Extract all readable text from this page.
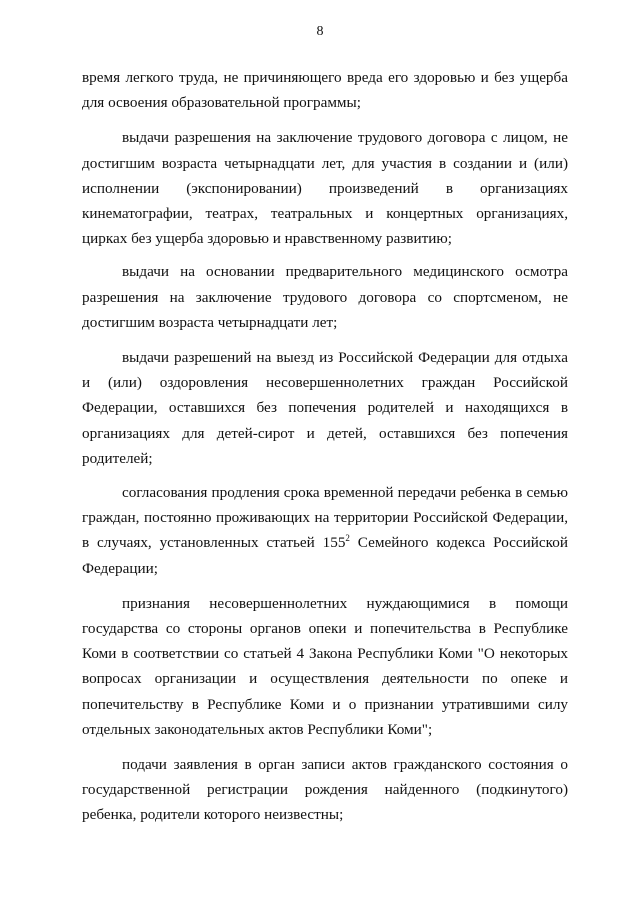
8

время легкого труда, не причиняющего вреда его здоровью и без ущерба для освоения образовательной программы;

выдачи разрешения на заключение трудового договора с лицом, не достигшим возраста четырнадцати лет, для участия в создании и (или) исполнении (экспонировании) произведений в организациях кинематографии, театрах, театральных и концертных организациях, цирках без ущерба здоровью и нравственному развитию;

выдачи на основании предварительного медицинского осмотра разрешения на заключение трудового договора со спортсменом, не достигшим возраста четырнадцати лет;

выдачи разрешений на выезд из Российской Федерации для отдыха и (или) оздоровления несовершеннолетних граждан Российской Федерации, оставшихся без попечения родителей и находящихся в организациях для детей-сирот и детей, оставшихся без попечения родителей;

согласования продления срока временной передачи ребенка в семью граждан, постоянно проживающих на территории Российской Федерации, в случаях, установленных статьей $155^2$ Семейного кодекса Российской Федерации;

признания несовершеннолетних нуждающимися в помощи государства со стороны органов опеки и попечительства в Республике Коми в соответствии со статьей 4 Закона Республики Коми "О некоторых вопросах организации и осуществления деятельности по опеке и попечительству в Республике Коми и о признании утратившими силу отдельных законодательных актов Республики Коми";

подачи заявления в орган записи актов гражданского состояния о государственной регистрации рождения найденного (подкинутого) ребенка, родители которого неизвестны;
